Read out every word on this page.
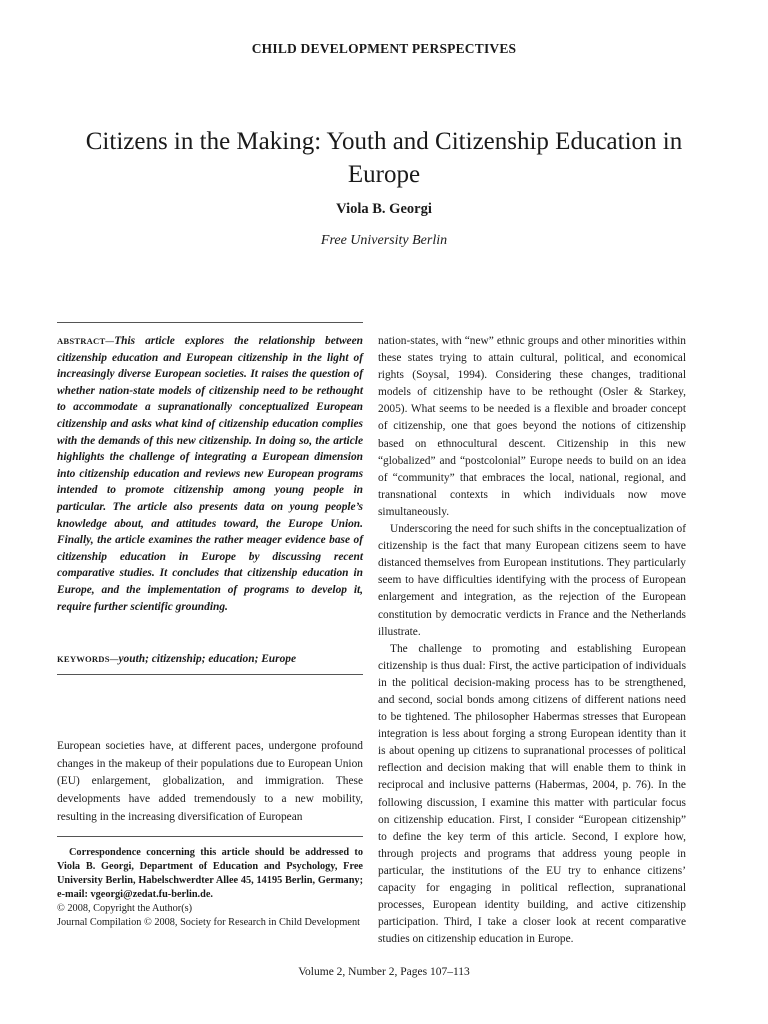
CHILD DEVELOPMENT PERSPECTIVES
Citizens in the Making: Youth and Citizenship Education in Europe
Viola B. Georgi
Free University Berlin
ABSTRACT—This article explores the relationship between citizenship education and European citizenship in the light of increasingly diverse European societies. It raises the question of whether nation-state models of citizenship need to be rethought to accommodate a supranationally conceptualized European citizenship and asks what kind of citizenship education complies with the demands of this new citizenship. In doing so, the article highlights the challenge of integrating a European dimension into citizenship education and reviews new European programs intended to promote citizenship among young people in particular. The article also presents data on young people’s knowledge about, and attitudes toward, the Europe Union. Finally, the article examines the rather meager evidence base of citizenship education in Europe by discussing recent comparative studies. It concludes that citizenship education in Europe, and the implementation of programs to develop it, require further scientific grounding.
KEYWORDS—youth; citizenship; education; Europe
European societies have, at different paces, undergone profound changes in the makeup of their populations due to European Union (EU) enlargement, globalization, and immigration. These developments have added tremendously to a new mobility, resulting in the increasing diversification of European
Correspondence concerning this article should be addressed to Viola B. Georgi, Department of Education and Psychology, Free University Berlin, Habelschwerdter Allee 45, 14195 Berlin, Germany; e-mail: vgeorgi@zedat.fu-berlin.de.
© 2008, Copyright the Author(s)
Journal Compilation © 2008, Society for Research in Child Development

nation-states, with “new” ethnic groups and other minorities within these states trying to attain cultural, political, and economical rights (Soysal, 1994). Considering these changes, traditional models of citizenship have to be rethought (Osler & Starkey, 2005). What seems to be needed is a flexible and broader concept of citizenship, one that goes beyond the notions of citizenship based on ethnocultural descent. Citizenship in this new “globalized” and “postcolonial” Europe needs to build on an idea of “community” that embraces the local, national, regional, and transnational contexts in which individuals now move simultaneously.

Underscoring the need for such shifts in the conceptualization of citizenship is the fact that many European citizens seem to have distanced themselves from European institutions. They particularly seem to have difficulties identifying with the process of European enlargement and integration, as the rejection of the European constitution by democratic verdicts in France and the Netherlands illustrate.

The challenge to promoting and establishing European citizenship is thus dual: First, the active participation of individuals in the political decision-making process has to be strengthened, and second, social bonds among citizens of different nations need to be tightened. The philosopher Habermas stresses that European integration is less about forging a strong European identity than it is about opening up citizens to supranational processes of political reflection and decision making that will enable them to think in reciprocal and inclusive patterns (Habermas, 2004, p. 76). In the following discussion, I examine this matter with particular focus on citizenship education. First, I consider “European citizenship” to define the key term of this article. Second, I explore how, through projects and programs that address young people in particular, the institutions of the EU try to enhance citizens’ capacity for engaging in political reflection, supranational processes, European identity building, and active citizenship participation. Third, I take a closer look at recent comparative studies on citizenship education in Europe.

Volume 2, Number 2, Pages 107–113
